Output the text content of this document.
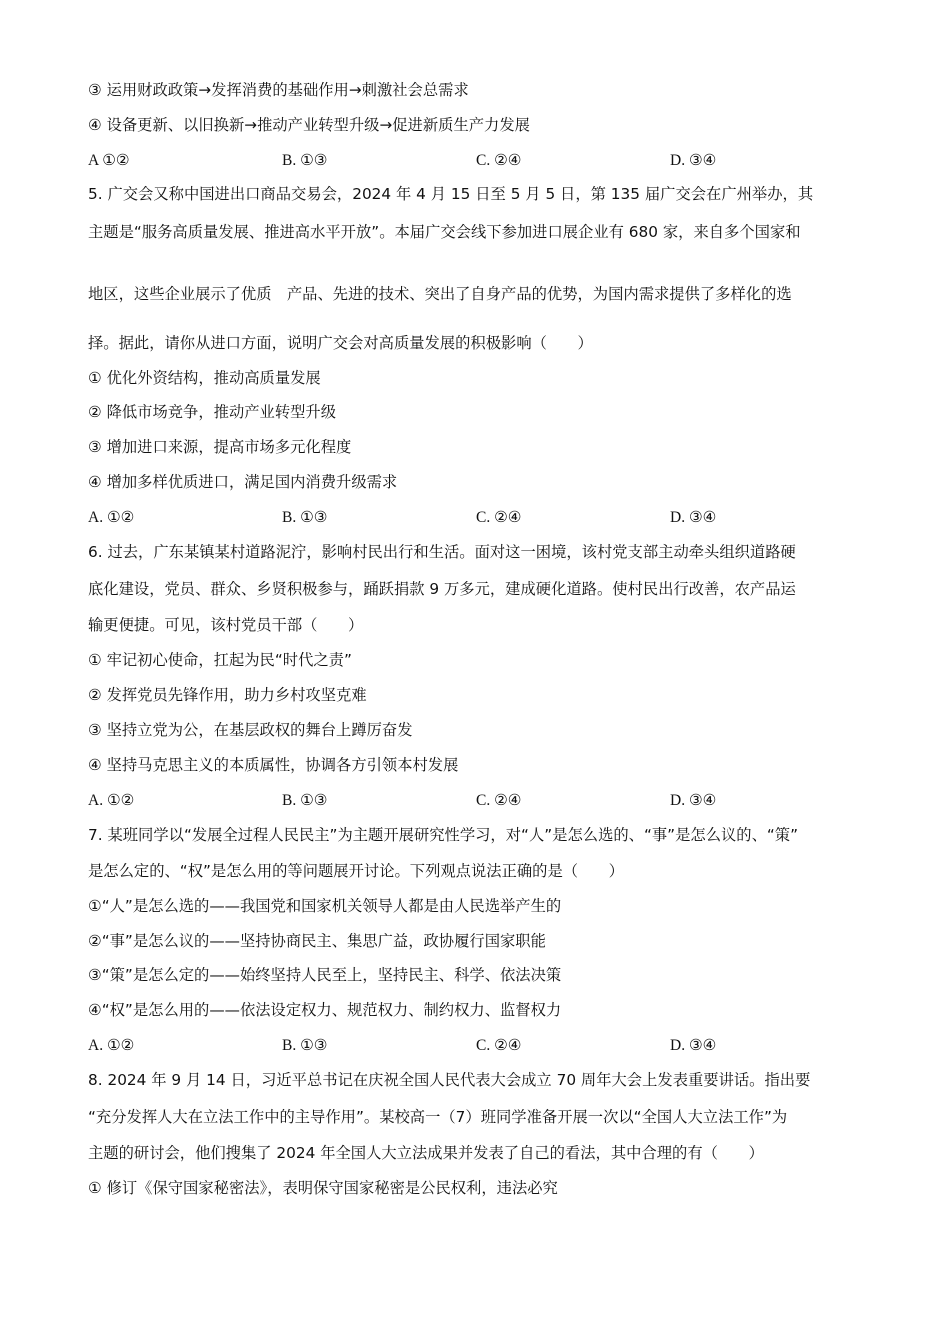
③ 运用财政政策→发挥消费的基础作用→刺激社会总需求
④ 设备更新、以旧换新→推动产业转型升级→促进新质生产力发展
A ①②	B. ①③	C. ②④	D. ③④
5. 广交会又称中国进出口商品交易会，2024 年 4 月 15 日至 5 月 5 日，第 135 届广交会在广州举办，其
主题是“服务高质量发展、推进高水平开放”。本届广交会线下参加进口展企业有 680 家，来自多个国家和
地区，这些企业展示了优质　产品、先进的技术、突出了自身产品的优势，为国内需求提供了多样化的选
择。据此，请你从进口方面，说明广交会对高质量发展的积极影响（　　）
① 优化外资结构，推动高质量发展
② 降低市场竞争，推动产业转型升级
③ 增加进口来源，提高市场多元化程度
④ 增加多样优质进口，满足国内消费升级需求
A. ①②	B. ①③	C. ②④	D. ③④
6. 过去，广东某镇某村道路泥泞，影响村民出行和生活。面对这一困境，该村党支部主动牵头组织道路硬
底化建设，党员、群众、乡贤积极参与，踊跃捐款 9 万多元，建成硬化道路。使村民出行改善，农产品运
输更便捷。可见，该村党员干部（　　）
① 牢记初心使命，扛起为民“时代之责”
② 发挥党员先锋作用，助力乡村攻坚克难
③ 坚持立党为公，在基层政权的舞台上蹲厉奋发
④ 坚持马克思主义的本质属性，协调各方引领本村发展
A. ①②	B. ①③	C. ②④	D. ③④
7. 某班同学以“发展全过程人民民主”为主题开展研究性学习，对“人”是怎么选的、“事”是怎么议的、“策”
是怎么定的、“权”是怎么用的等问题展开讨论。下列观点说法正确的是（　　）
①“人”是怎么选的——我国党和国家机关领导人都是由人民选举产生的
②“事”是怎么议的——坚持协商民主、集思广益，政协履行国家职能
③“策”是怎么定的——始终坚持人民至上，坚持民主、科学、依法决策
④“权”是怎么用的——依法设定权力、规范权力、制约权力、监督权力
A. ①②	B. ①③	C. ②④	D. ③④
8. 2024 年 9 月 14 日，习近平总书记在庆祝全国人民代表大会成立 70 周年大会上发表重要讲话。指出要
“充分发挥人大在立法工作中的主导作用”。某校高一（7）班同学准备开展一次以“全国人大立法工作”为
主题的研讨会，他们搜集了 2024 年全国人大立法成果并发表了自己的看法，其中合理的有（　　）
① 修订《保守国家秘密法》，表明保守国家秘密是公民权利，违法必究
